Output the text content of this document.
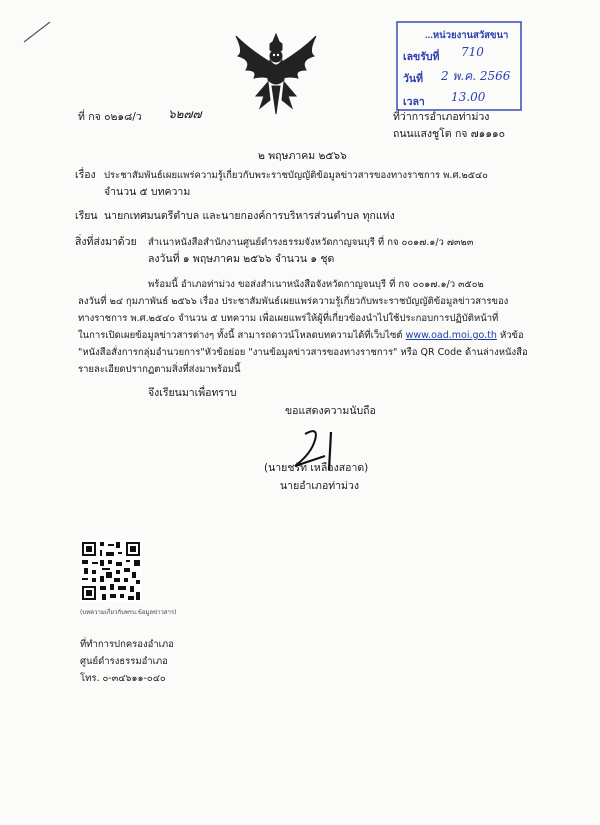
...หน่วยงานสวัสขนา
เลขรับที่ 710
วันที่ 2 พ.ค. 2566
เวลา 13.00
ที่ กจ ๐๒๑๘/ว ๖๒๗๗	ที่ว่าการอำเภอท่าม่วง
ถนนแสงชูโต กจ ๗๑๑๑๐
๒ พฤษภาคม ๒๕๖๖
เรื่อง ประชาสัมพันธ์เผยแพร่ความรู้เกี่ยวกับพระราชบัญญัติข้อมูลข่าวสารของทางราชการ พ.ศ.๒๕๔๐
จำนวน ๕ บทความ
เรียน นายกเทศมนตรีตำบล และนายกองค์การบริหารส่วนตำบล ทุกแห่ง
สิ่งที่ส่งมาด้วย สำเนาหนังสือสำนักงานศูนย์ดำรงธรรมจังหวัดกาญจนบุรี ที่ กจ ๐๐๑๗.๑/ว ๗๓๒๓
ลงวันที่ ๑ พฤษภาคม ๒๕๖๖ จำนวน ๑ ชุด
พร้อมนี้ อำเภอท่าม่วง ขอส่งสำเนาหนังสือจังหวัดกาญจนบุรี ที่ กจ ๐๐๑๗.๑/ว ๓๕๐๒
ลงวันที่ ๒๔ กุมภาพันธ์ ๒๕๖๖ เรื่อง ประชาสัมพันธ์เผยแพร่ความรู้เกี่ยวกับพระราชบัญญัติข้อมูลข่าวสารของ
ทางราชการ พ.ศ.๒๕๔๐ จำนวน ๕ บทความ เพื่อเผยแพร่ให้ผู้ที่เกี่ยวข้องนำไปใช้ประกอบการปฏิบัติหน้าที่
ในการเปิดเผยข้อมูลข่าวสารต่างๆ ทั้งนี้ สามารถดาวน์โหลดบทความได้ที่เว็บไซต์ www.oad.moi.go.th หัวข้อ
"หนังสือสั่งการกลุ่มอำนวยการ"หัวข้อย่อย "งานข้อมูลข่าวสารของทางราชการ" หรือ QR Code ด้านล่างหนังสือ
รายละเอียดปรากฏตามสิ่งที่ส่งมาพร้อมนี้
จึงเรียนมาเพื่อทราบ
ขอแสดงความนับถือ
(นายชรัท เหลืองสอาด)
นายอำเภอท่าม่วง
(บทความเกี่ยวกับพรบ.ข้อมูลข่าวสาร)
ที่ทำการปกครองอำเภอ
ศูนย์ดำรงธรรมอำเภอ
โทร. ๐-๓๔๖๑๑-๐๔๐
